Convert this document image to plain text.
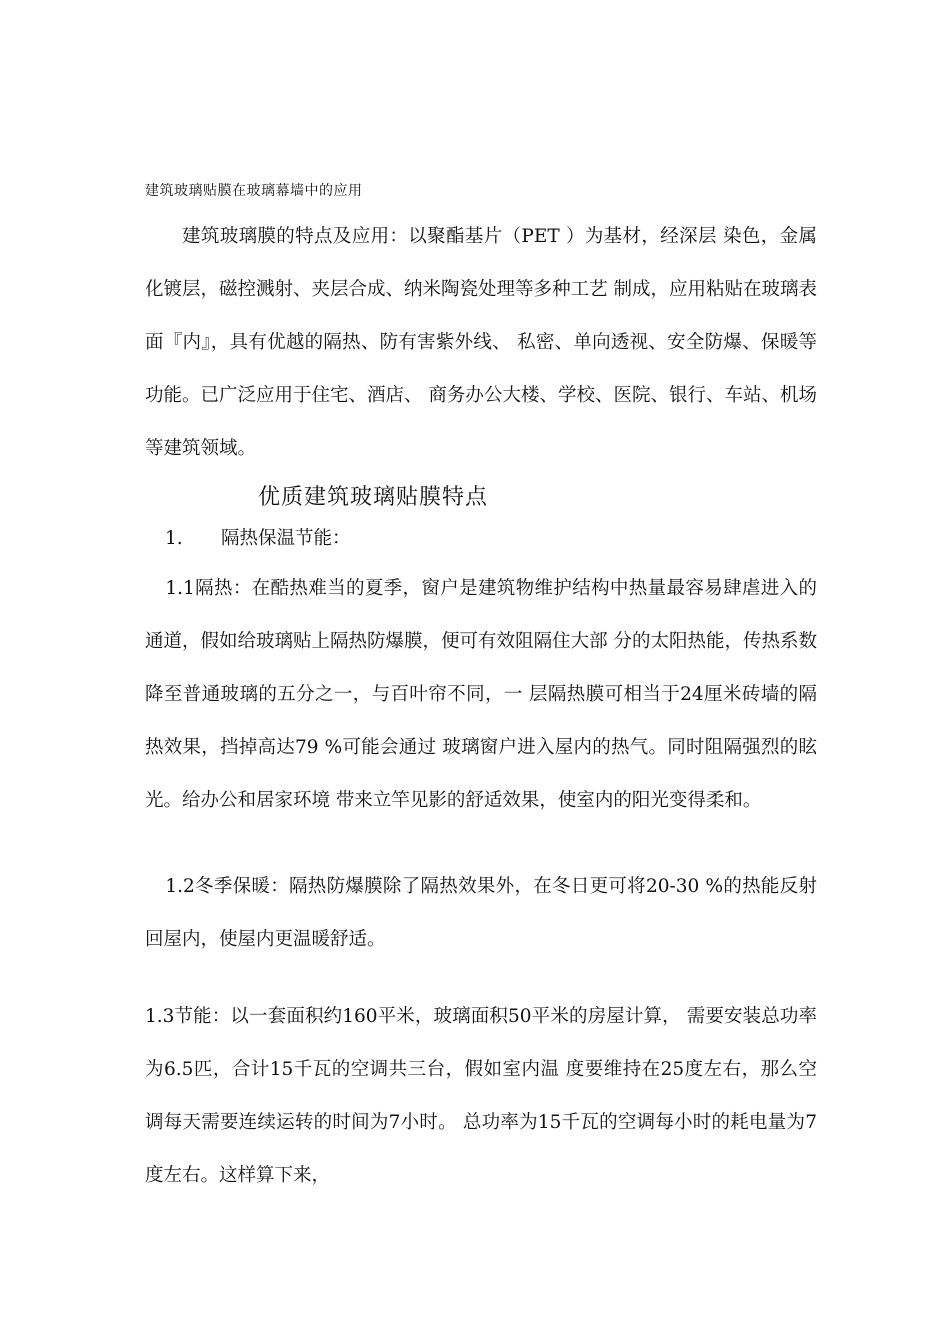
建筑玻璃贴膜在玻璃幕墙中的应用

建筑玻璃膜的特点及应用：以聚酯基片（PET ）为基材，经深层 染色，金属化镀层，磁控溅射、夹层合成、纳米陶瓷处理等多种工艺 制成，应用粘贴在玻璃表面『内』，具有优越的隔热、防有害紫外线、 私密、单向透视、安全防爆、保暖等功能。已广泛应用于住宅、酒店、 商务办公大楼、学校、医院、银行、车站、机场等建筑领域。

优质建筑玻璃贴膜特点
1. 隔热保温节能：

1.1隔热：在酷热难当的夏季，窗户是建筑物维护结构中热量最容易肆虐进入的通道，假如给玻璃贴上隔热防爆膜，便可有效阻隔住大部 分的太阳热能，传热系数降至普通玻璃的五分之一，与百叶帘不同，一 层隔热膜可相当于24厘米砖墙的隔热效果，挡掉高达79 %可能会通过 玻璃窗户进入屋内的热气。同时阻隔强烈的眩光。给办公和居家环境 带来立竿见影的舒适效果，使室内的阳光变得柔和。

1.2冬季保暖：隔热防爆膜除了隔热效果外，在冬日更可将20-30 %的热能反射回屋内，使屋内更温暖舒适。

1.3节能：以一套面积约160平米，玻璃面积50平米的房屋计算， 需要安装总功率为6.5匹，合计15千瓦的空调共三台，假如室内温 度要维持在25度左右，那么空调每天需要连续运转的时间为7小时。 总功率为15千瓦的空调每小时的耗电量为7度左右。这样算下来，
